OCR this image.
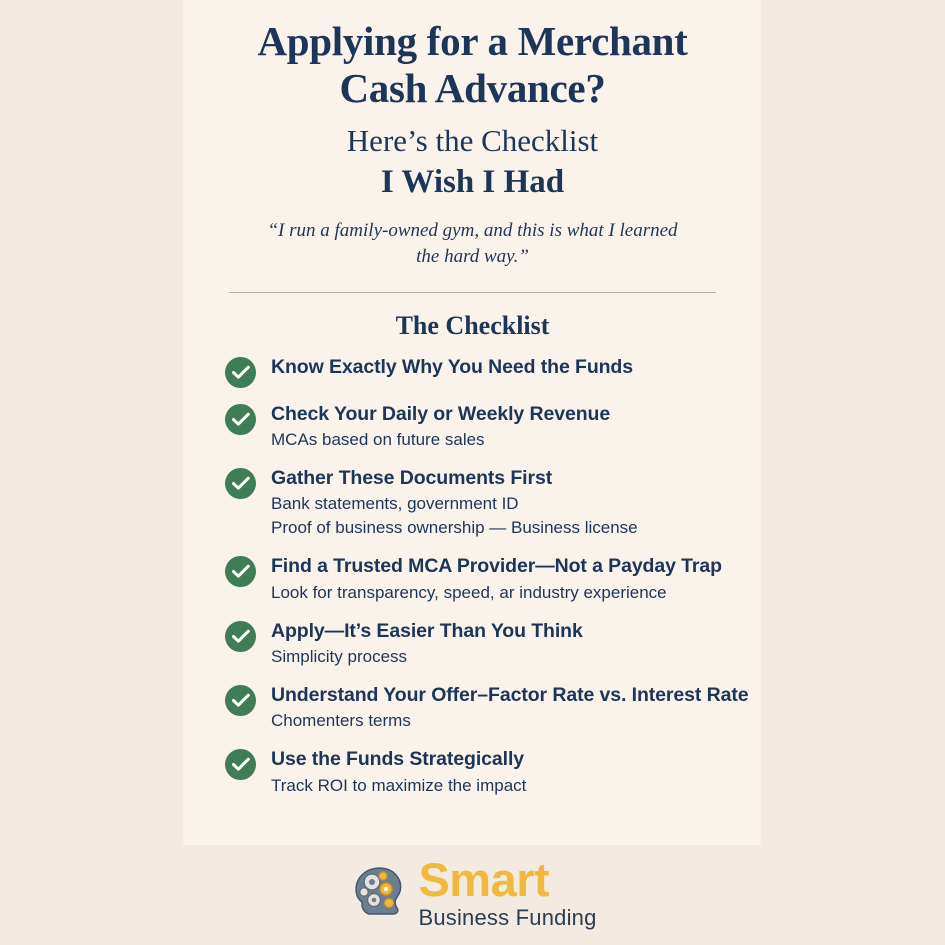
Applying for a Merchant
Cash Advance?
Here’s the Checklist
I Wish I Had
“I run a family-owned gym, and this is what I learned
the hard way.”
The Checklist
Know Exactly Why You Need the Funds
Check Your Daily or Weekly Revenue
MCAs based on future sales
Gather These Documents First
Bank statements, government ID
Proof of business ownership — Business license
Find a Trusted MCA Provider—Not a Payday Trap
Look for transparency, speed, ar industry experience
Apply—It’s Easier Than You Think
Simplicity process
Understand Your Offer–Factor Rate vs. Interest Rate
Chomenters terms
Use the Funds Strategically
Track ROI to maximize the impact
Smart
Business Funding
